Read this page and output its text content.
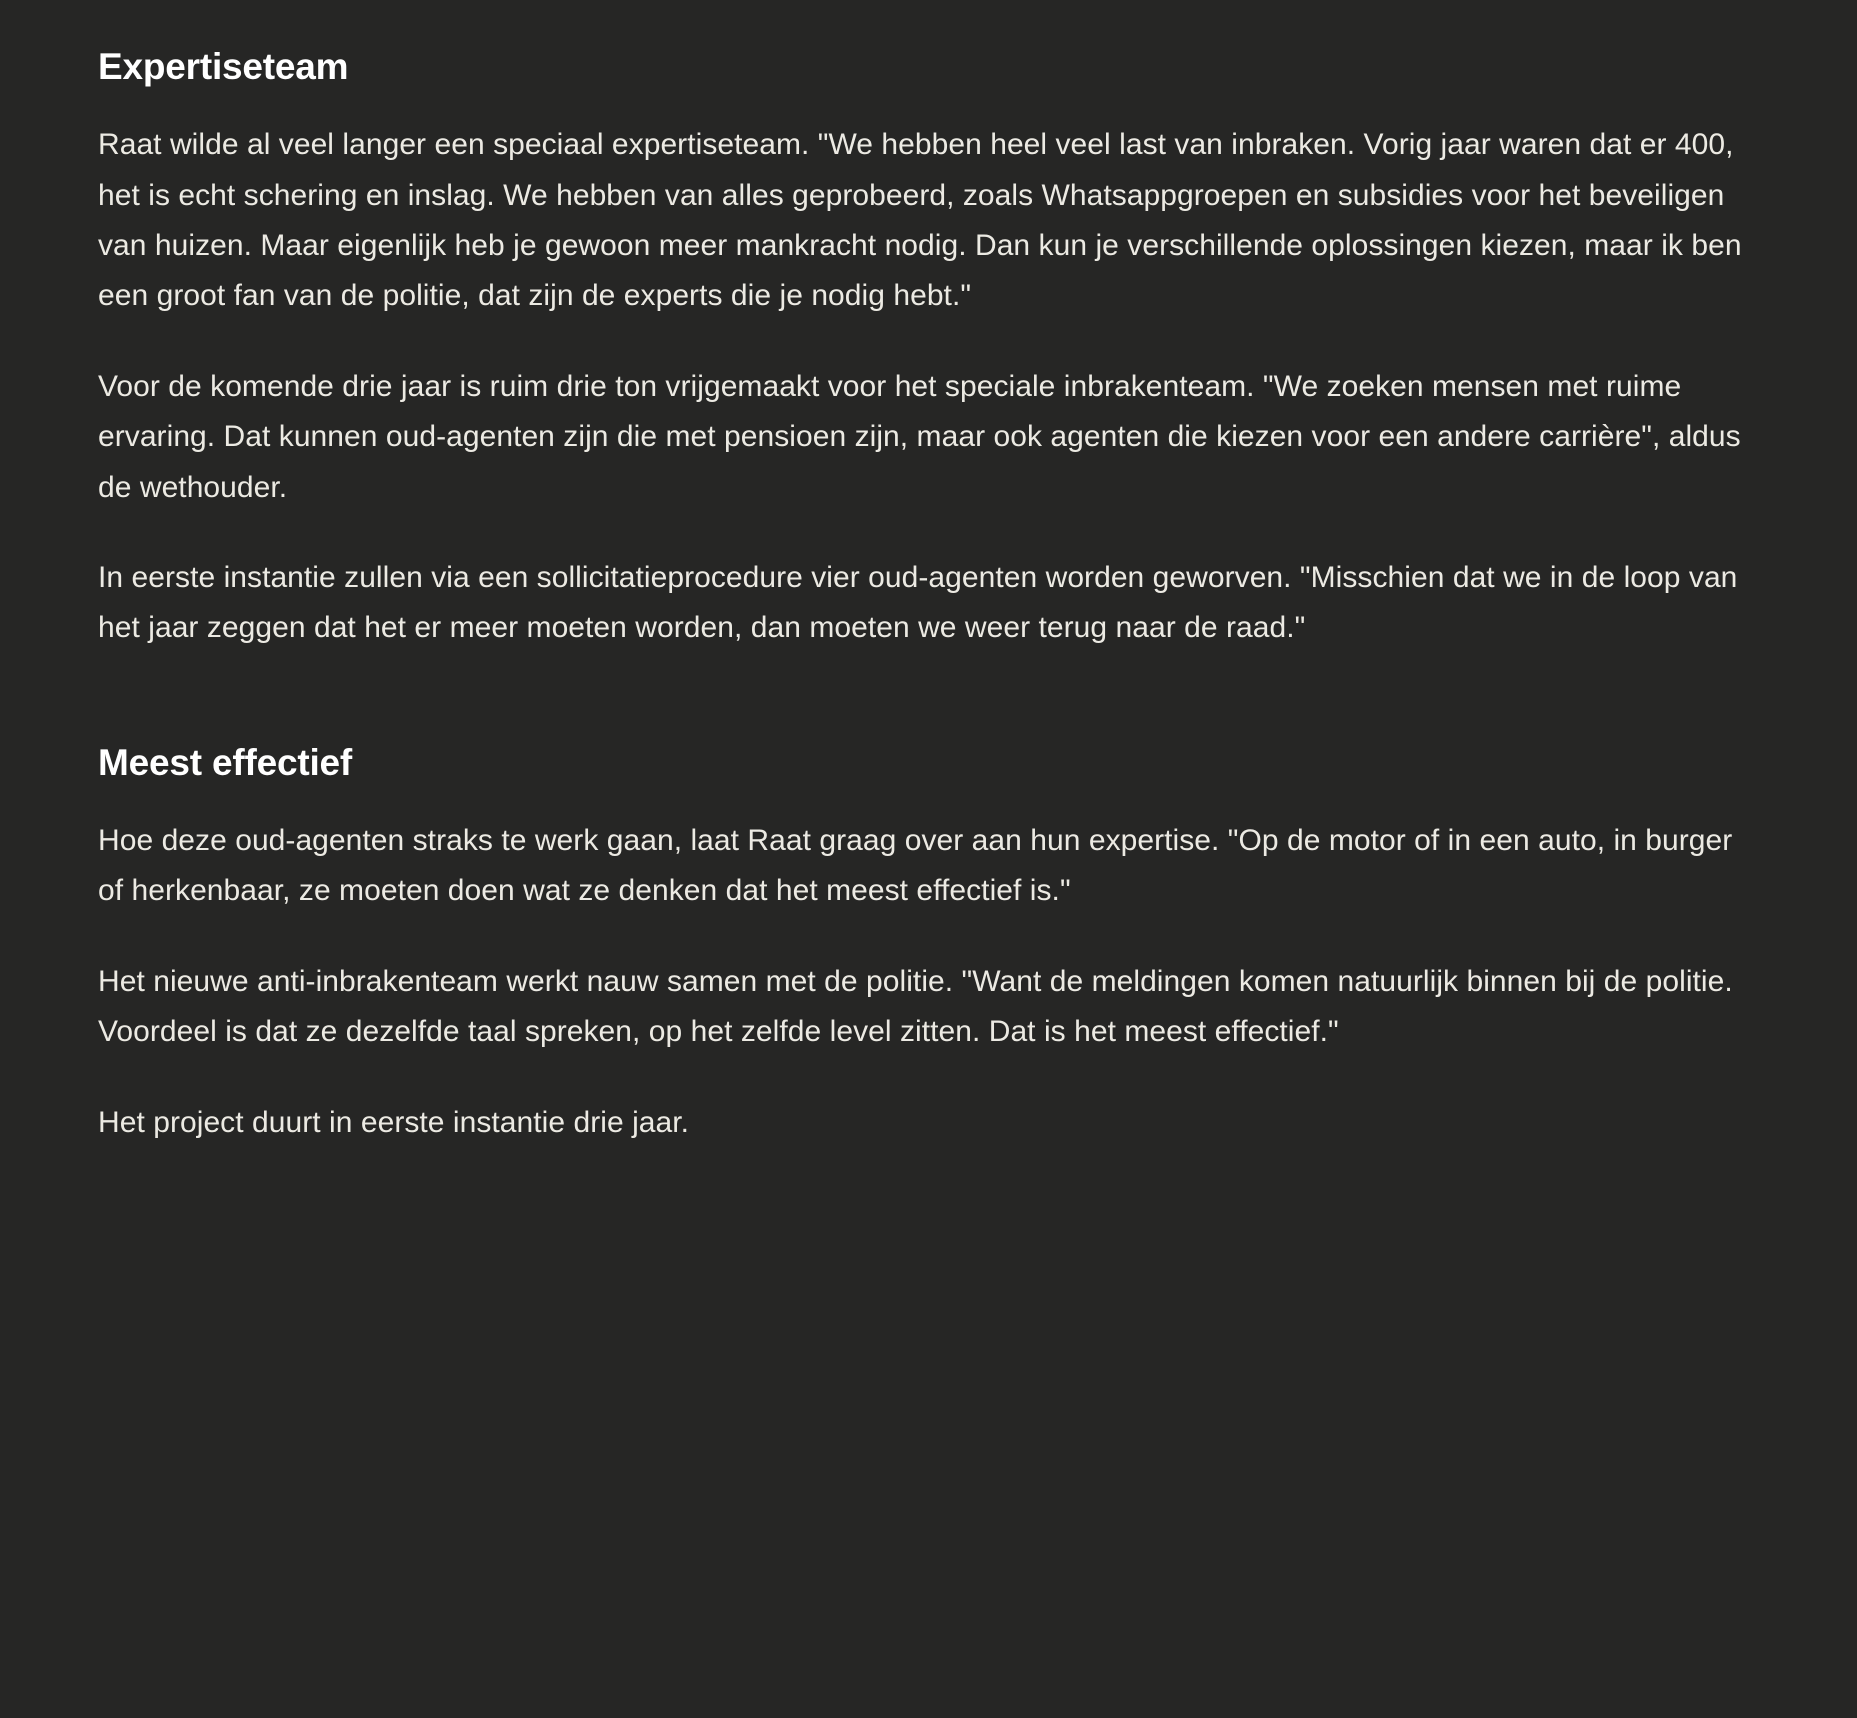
Expertiseteam

Raat wilde al veel langer een speciaal expertiseteam. "We hebben heel veel last van inbraken. Vorig jaar waren dat er 400, het is echt schering en inslag. We hebben van alles geprobeerd, zoals Whatsappgroepen en subsidies voor het beveiligen van huizen. Maar eigenlijk heb je gewoon meer mankracht nodig. Dan kun je verschillende oplossingen kiezen, maar ik ben een groot fan van de politie, dat zijn de experts die je nodig hebt."

Voor de komende drie jaar is ruim drie ton vrijgemaakt voor het speciale inbrakenteam. "We zoeken mensen met ruime ervaring. Dat kunnen oud-agenten zijn die met pensioen zijn, maar ook agenten die kiezen voor een andere carrière", aldus de wethouder.

In eerste instantie zullen via een sollicitatieprocedure vier oud-agenten worden geworven. "Misschien dat we in de loop van het jaar zeggen dat het er meer moeten worden, dan moeten we weer terug naar de raad."

Meest effectief

Hoe deze oud-agenten straks te werk gaan, laat Raat graag over aan hun expertise. "Op de motor of in een auto, in burger of herkenbaar, ze moeten doen wat ze denken dat het meest effectief is."

Het nieuwe anti-inbrakenteam werkt nauw samen met de politie. "Want de meldingen komen natuurlijk binnen bij de politie. Voordeel is dat ze dezelfde taal spreken, op het zelfde level zitten. Dat is het meest effectief."

Het project duurt in eerste instantie drie jaar.
